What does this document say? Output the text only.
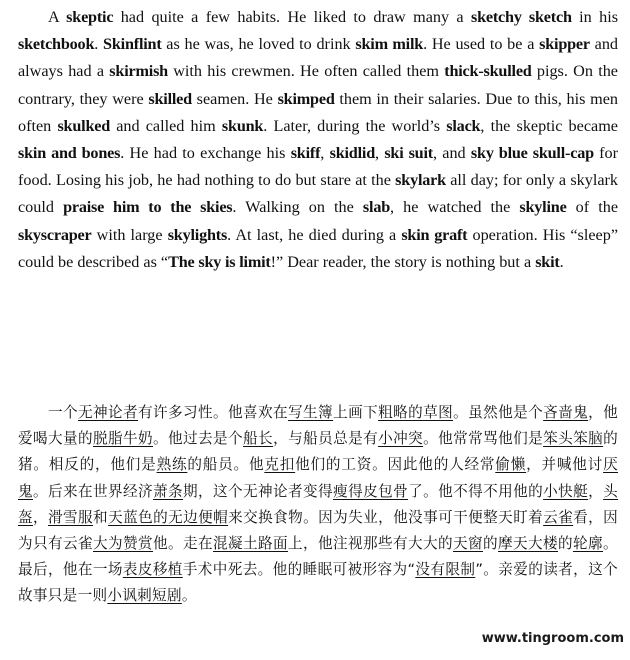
A skeptic had quite a few habits. He liked to draw many a sketchy sketch in his sketchbook. Skinflint as he was, he loved to drink skim milk. He used to be a skipper and always had a skirmish with his crewmen. He often called them thick-skulled pigs. On the contrary, they were skilled seamen. He skimped them in their salaries. Due to this, his men often skulked and called him skunk. Later, during the world’s slack, the skeptic became skin and bones. He had to exchange his skiff, skidlid, ski suit, and sky blue skull-cap for food. Losing his job, he had nothing to do but stare at the skylark all day; for only a skylark could praise him to the skies. Walking on the slab, he watched the skyline of the skyscraper with large skylights. At last, he died during a skin graft operation. His “sleep” could be described as “The sky is limit!” Dear reader, the story is nothing but a skit.

一个无神论者有许多习性。他喜欢在写生簿上画下粗略的草图。虽然他是个吝啬鬼，他爱喝大量的脱脂牛奶。他过去是个船长，与船员总是有小冲突。他常常骂他们是笨头笨脑的猪。相反的，他们是熟练的船员。他克扣他们的工资。因此他的人经常偷懒，并喊他讨厌鬼。后来在世界经济萧条期，这个无神论者变得瘦得皮包骨了。他不得不用他的小快艇，头盔，滑雪服和天蓝色的无边便帽来交换食物。因为失业，他没事可干便整天盯着云雀看，因为只有云雀大为赞赏他。走在混凝土路面上，他注视那些有大大的天窗的摩天大楼的轮廓。最后，他在一场表皮移植手术中死去。他的睡眠可被形容为“没有限制”。亲爱的读者，这个故事只是一则小讽刺短剧。

www.tingroom.com
